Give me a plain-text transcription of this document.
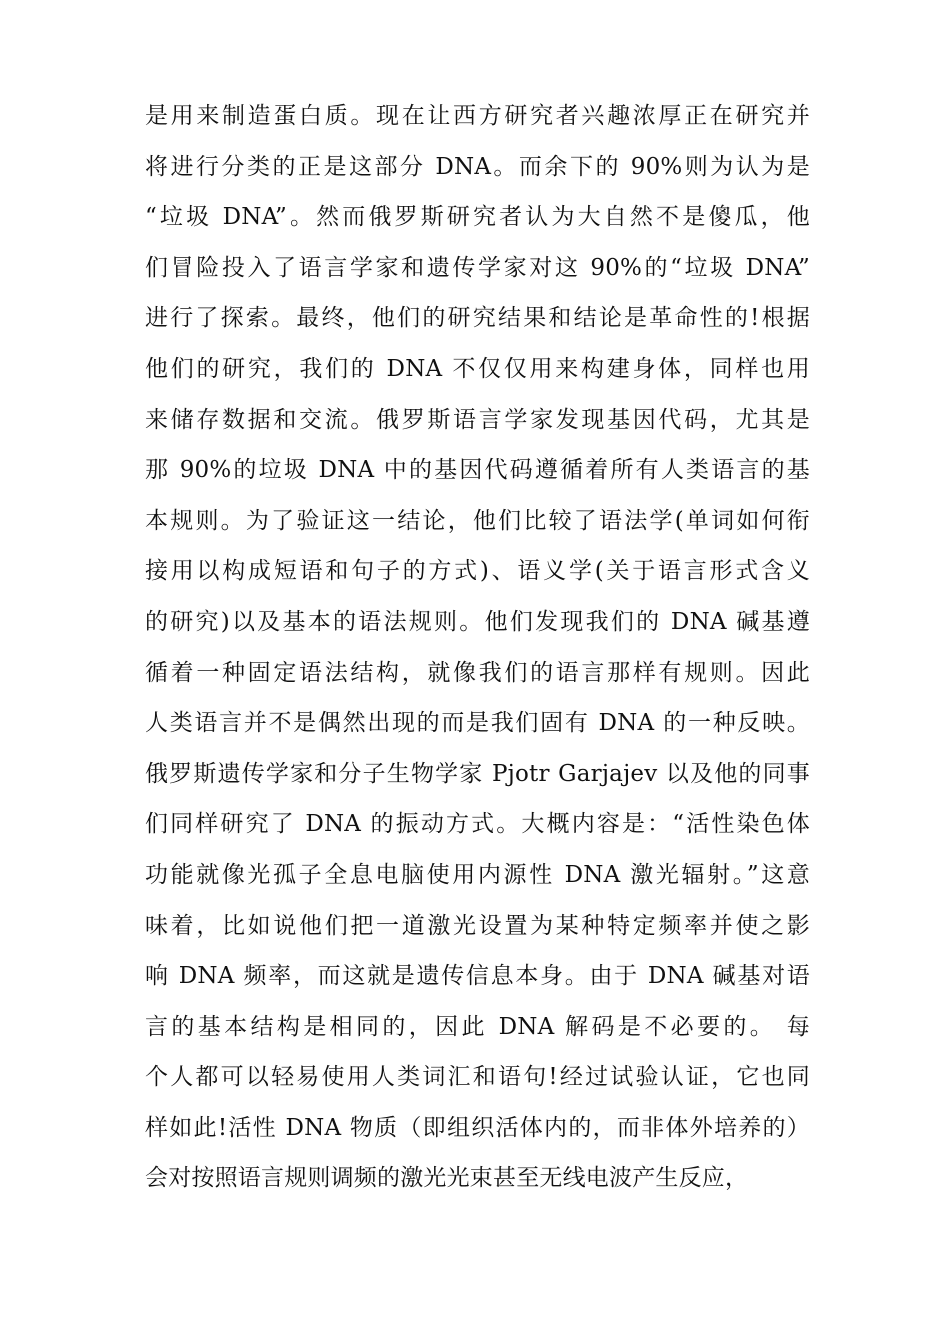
是用来制造蛋白质。现在让西方研究者兴趣浓厚正在研究并
将进行分类的正是这部分 DNA。而余下的 90%则为认为是
“垃圾 DNA”。然而俄罗斯研究者认为大自然不是傻瓜，他
们冒险投入了语言学家和遗传学家对这 90%的“垃圾 DNA”
进行了探索。最终，他们的研究结果和结论是革命性的!根据
他们的研究，我们的 DNA 不仅仅用来构建身体，同样也用
来储存数据和交流。俄罗斯语言学家发现基因代码，尤其是
那 90%的垃圾 DNA 中的基因代码遵循着所有人类语言的基
本规则。为了验证这一结论，他们比较了语法学(单词如何衔
接用以构成短语和句子的方式)、语义学(关于语言形式含义
的研究)以及基本的语法规则。他们发现我们的 DNA 碱基遵
循着一种固定语法结构，就像我们的语言那样有规则。因此
人类语言并不是偶然出现的而是我们固有 DNA 的一种反映。
俄罗斯遗传学家和分子生物学家 Pjotr Garjajev 以及他的同事
们同样研究了 DNA 的振动方式。大概内容是：“活性染色体
功能就像光孤子全息电脑使用内源性 DNA 激光辐射。”这意
味着，比如说他们把一道激光设置为某种特定频率并使之影
响 DNA 频率，而这就是遗传信息本身。由于 DNA 碱基对语
言的基本结构是相同的，因此 DNA 解码是不必要的。 每
个人都可以轻易使用人类词汇和语句!经过试验认证，它也同
样如此!活性 DNA 物质（即组织活体内的，而非体外培养的）
会对按照语言规则调频的激光光束甚至无线电波产生反应，
